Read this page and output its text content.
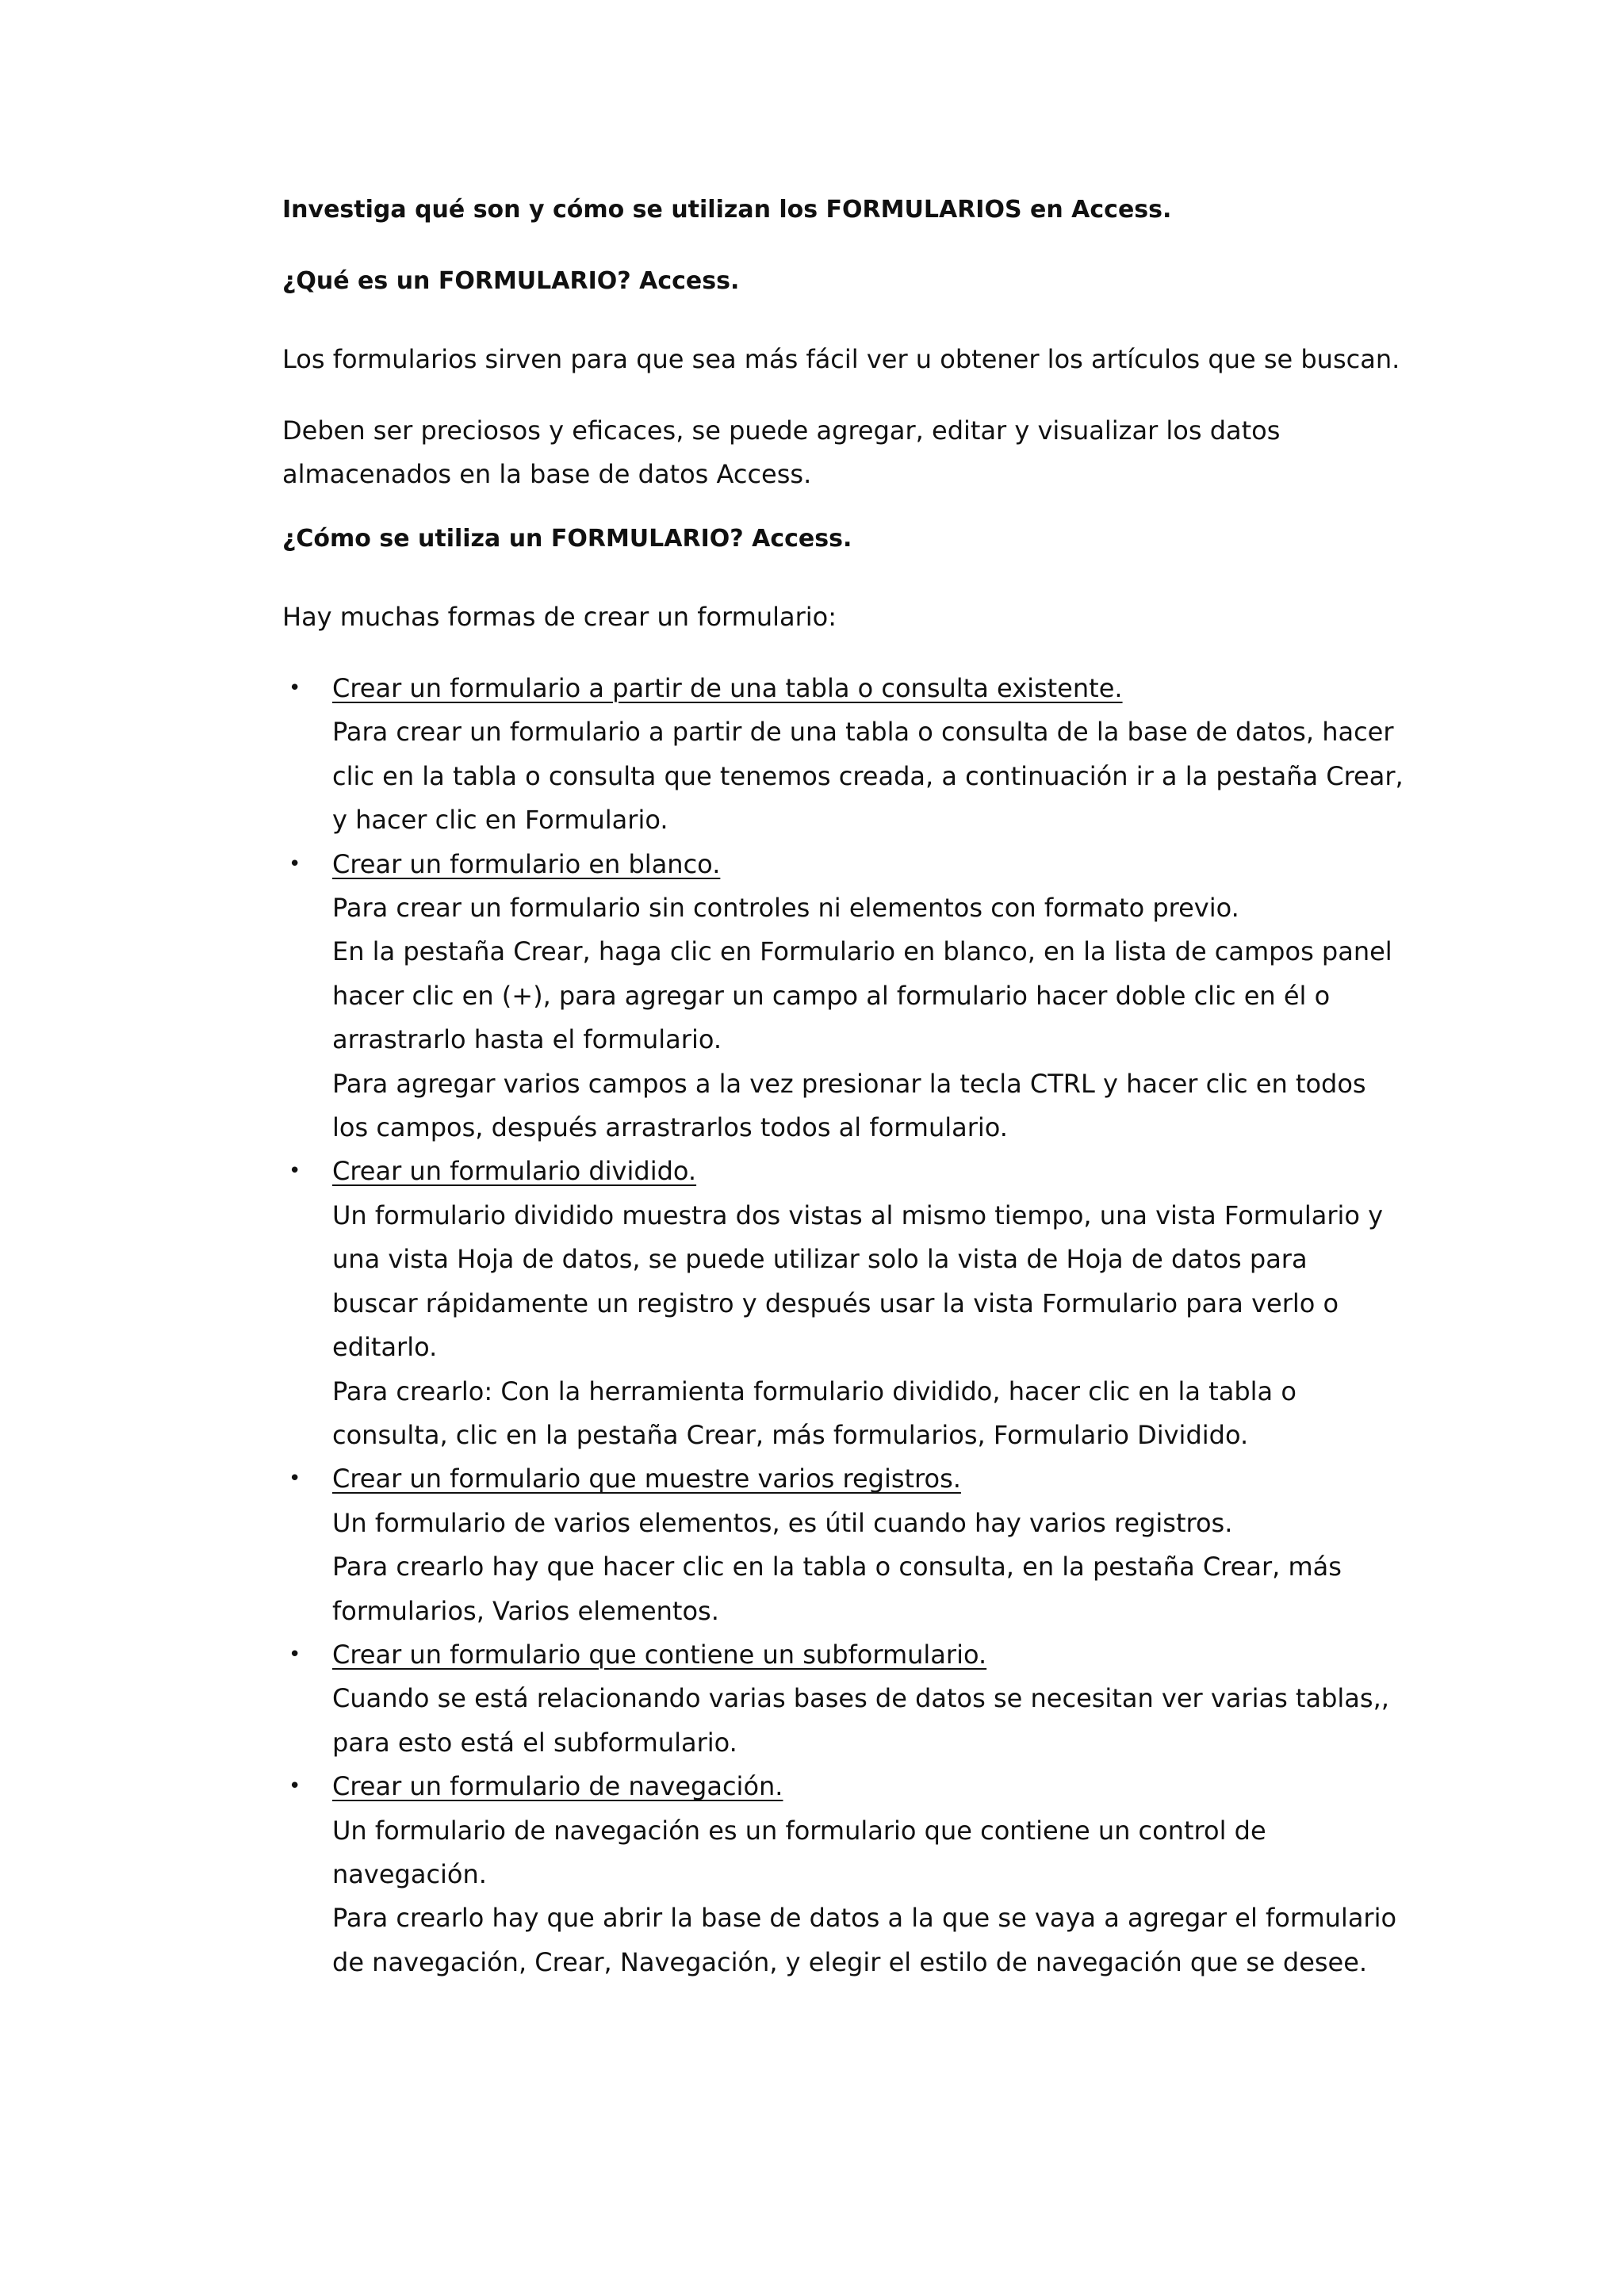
Investiga qué son y cómo se utilizan los FORMULARIOS en Access.
¿Qué es un FORMULARIO? Access.
Los formularios sirven para que sea más fácil ver u obtener los artículos que se buscan.
Deben ser preciosos y eficaces, se puede agregar, editar y visualizar los datos
almacenados en la base de datos Access.
¿Cómo se utiliza un FORMULARIO? Access.
Hay muchas formas de crear un formulario:
• Crear un formulario a partir de una tabla o consulta existente.
Para crear un formulario a partir de una tabla o consulta de la base de datos, hacer
clic en la tabla o consulta que tenemos creada, a continuación ir a la pestaña Crear,
y hacer clic en Formulario.
• Crear un formulario en blanco.
Para crear un formulario sin controles ni elementos con formato previo.
En la pestaña Crear, haga clic en Formulario en blanco, en la lista de campos panel
hacer clic en (+), para agregar un campo al formulario hacer doble clic en él o
arrastrarlo hasta el formulario.
Para agregar varios campos a la vez presionar la tecla CTRL y hacer clic en todos
los campos, después arrastrarlos todos al formulario.
• Crear un formulario dividido.
Un formulario dividido muestra dos vistas al mismo tiempo, una vista Formulario y
una vista Hoja de datos, se puede utilizar solo la vista de Hoja de datos para
buscar rápidamente un registro y después usar la vista Formulario para verlo o
editarlo.
Para crearlo: Con la herramienta formulario dividido, hacer clic en la tabla o
consulta, clic en la pestaña Crear, más formularios, Formulario Dividido.
• Crear un formulario que muestre varios registros.
Un formulario de varios elementos, es útil cuando hay varios registros.
Para crearlo hay que hacer clic en la tabla o consulta, en la pestaña Crear, más
formularios, Varios elementos.
• Crear un formulario que contiene un subformulario.
Cuando se está relacionando varias bases de datos se necesitan ver varias tablas,,
para esto está el subformulario.
• Crear un formulario de navegación.
Un formulario de navegación es un formulario que contiene un control de
navegación.
Para crearlo hay que abrir la base de datos a la que se vaya a agregar el formulario
de navegación, Crear, Navegación, y elegir el estilo de navegación que se desee.
